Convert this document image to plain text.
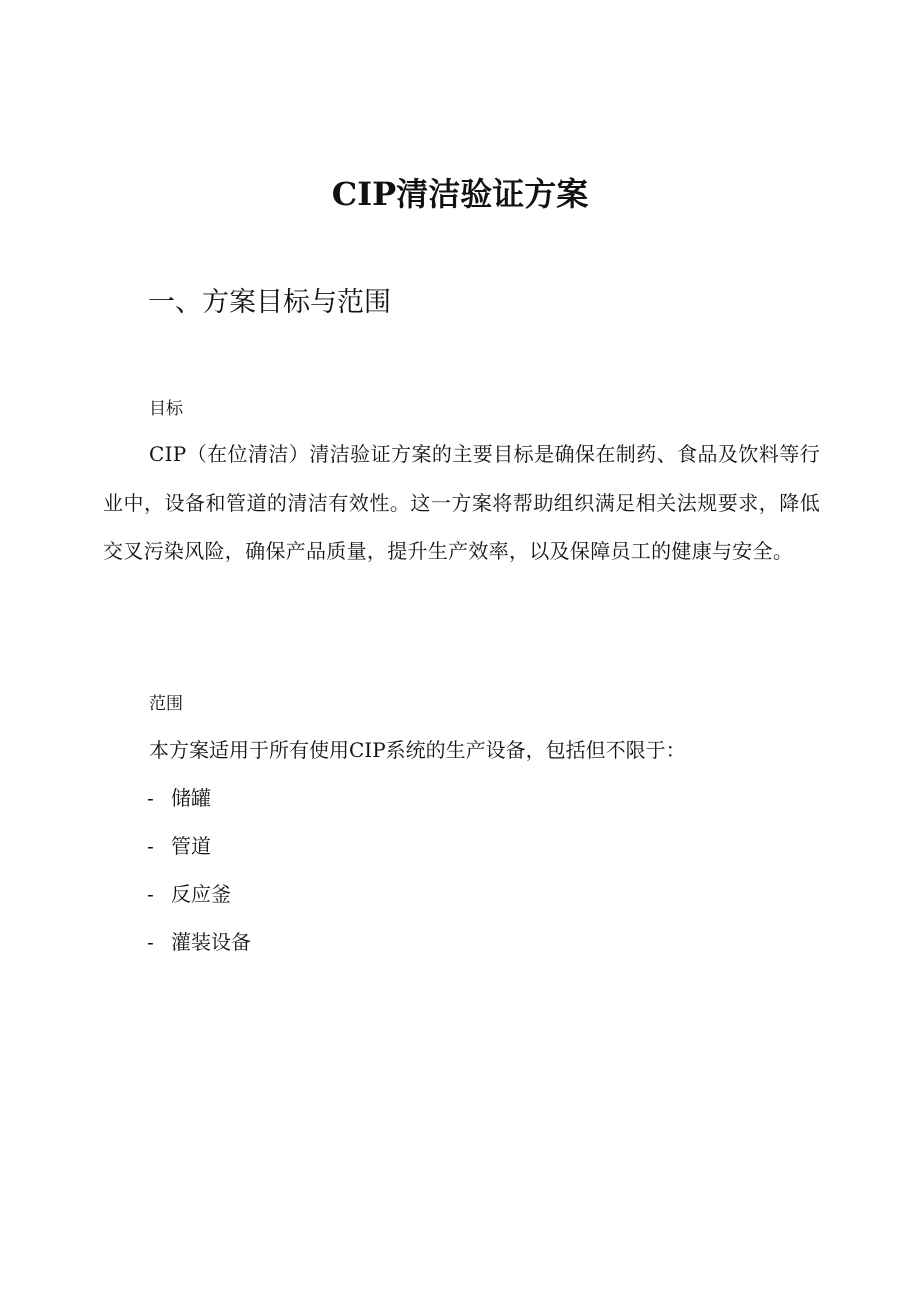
CIP清洁验证方案
一、方案目标与范围
目标

CIP（在位清洁）清洁验证方案的主要目标是确保在制药、食品及饮料等行业中，设备和管道的清洁有效性。这一方案将帮助组织满足相关法规要求，降低交叉污染风险，确保产品质量，提升生产效率，以及保障员工的健康与安全。

范围

本方案适用于所有使用CIP系统的生产设备，包括但不限于：

- 储罐
- 管道
- 反应釜
- 灌装设备
